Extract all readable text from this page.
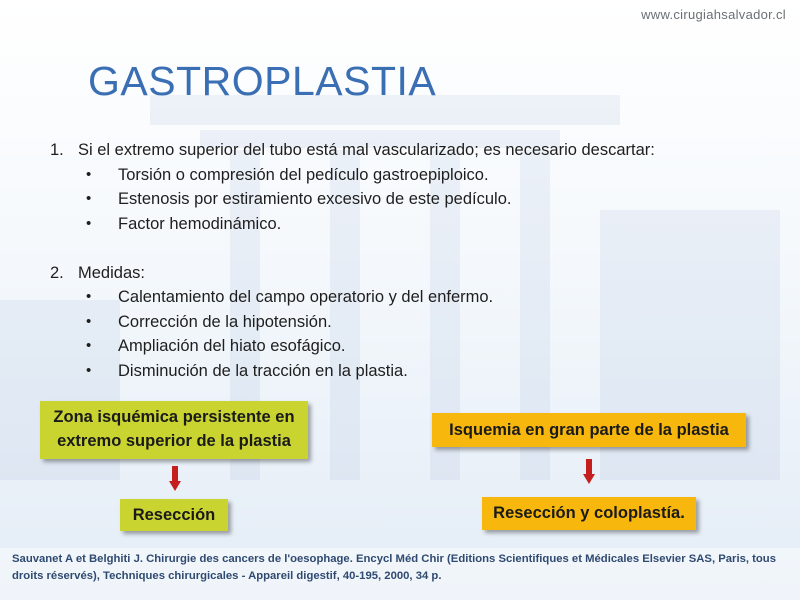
www.cirugiahsalvador.cl
GASTROPLASTIA
1. Si el extremo superior del tubo está mal vascularizado; es necesario descartar:
• Torsión o compresión del pedículo gastroepiploico.
• Estenosis por estiramiento excesivo de este pedículo.
• Factor hemodinámico.
2. Medidas:
• Calentamiento del campo operatorio y del enfermo.
• Corrección de la hipotensión.
• Ampliación del hiato esofágico.
• Disminución de la tracción en la plastia.
Zona isquémica persistente en
extremo superior de la plastia
Resección
Isquemia en gran parte de la plastia
Resección y coloplastía.

Sauvanet A et Belghiti J. Chirurgie des cancers de l'oesophage. Encycl Méd Chir (Editions Scientifiques et Médicales Elsevier SAS, Paris, tous droits réservés), Techniques chirurgicales - Appareil digestif, 40-195, 2000, 34 p.
